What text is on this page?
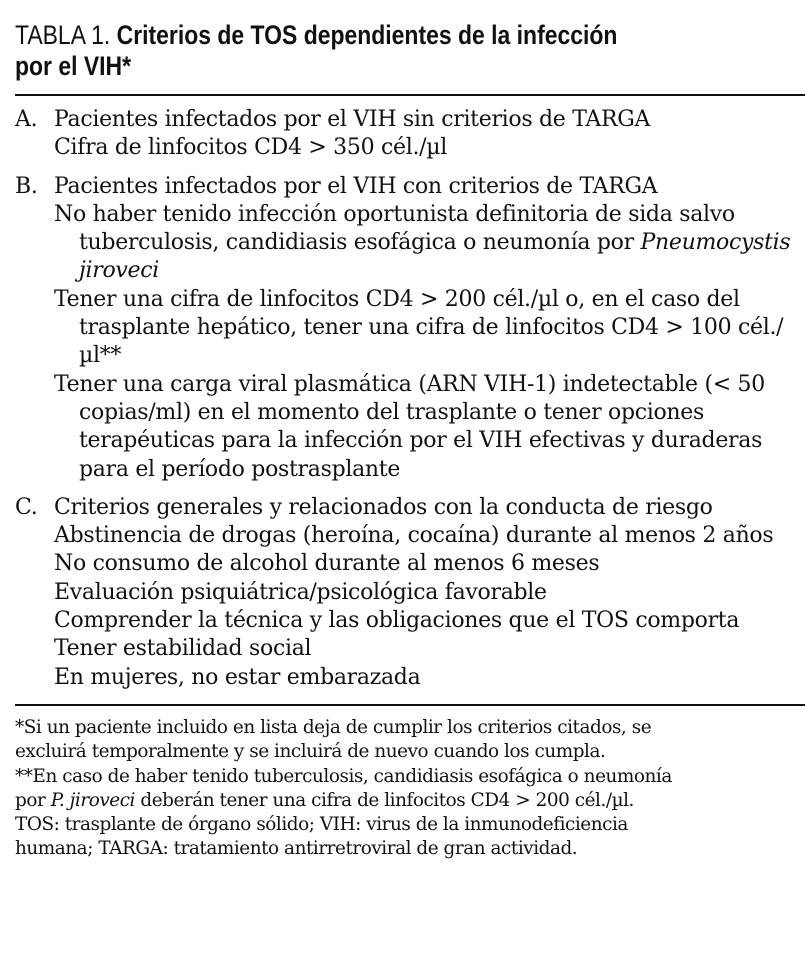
TABLA 1. Criterios de TOS dependientes de la infección
por el VIH*
A. Pacientes infectados por el VIH sin criterios de TARGA
Cifra de linfocitos CD4 > 350 cél./µl
B. Pacientes infectados por el VIH con criterios de TARGA
No haber tenido infección oportunista definitoria de sida salvo tuberculosis, candidiasis esofágica o neumonía por Pneumocystis jiroveci
Tener una cifra de linfocitos CD4 > 200 cél./µl o, en el caso del trasplante hepático, tener una cifra de linfocitos CD4 > 100 cél./µl**
Tener una carga viral plasmática (ARN VIH-1) indetectable (< 50 copias/ml) en el momento del trasplante o tener opciones terapéuticas para la infección por el VIH efectivas y duraderas para el período postrasplante
C. Criterios generales y relacionados con la conducta de riesgo
Abstinencia de drogas (heroína, cocaína) durante al menos 2 años
No consumo de alcohol durante al menos 6 meses
Evaluación psiquiátrica/psicológica favorable
Comprender la técnica y las obligaciones que el TOS comporta
Tener estabilidad social
En mujeres, no estar embarazada
*Si un paciente incluido en lista deja de cumplir los criterios citados, se
excluirá temporalmente y se incluirá de nuevo cuando los cumpla.
**En caso de haber tenido tuberculosis, candidiasis esofágica o neumonía
por P. jiroveci deberán tener una cifra de linfocitos CD4 > 200 cél./µl.
TOS: trasplante de órgano sólido; VIH: virus de la inmunodeficiencia
humana; TARGA: tratamiento antirretroviral de gran actividad.
